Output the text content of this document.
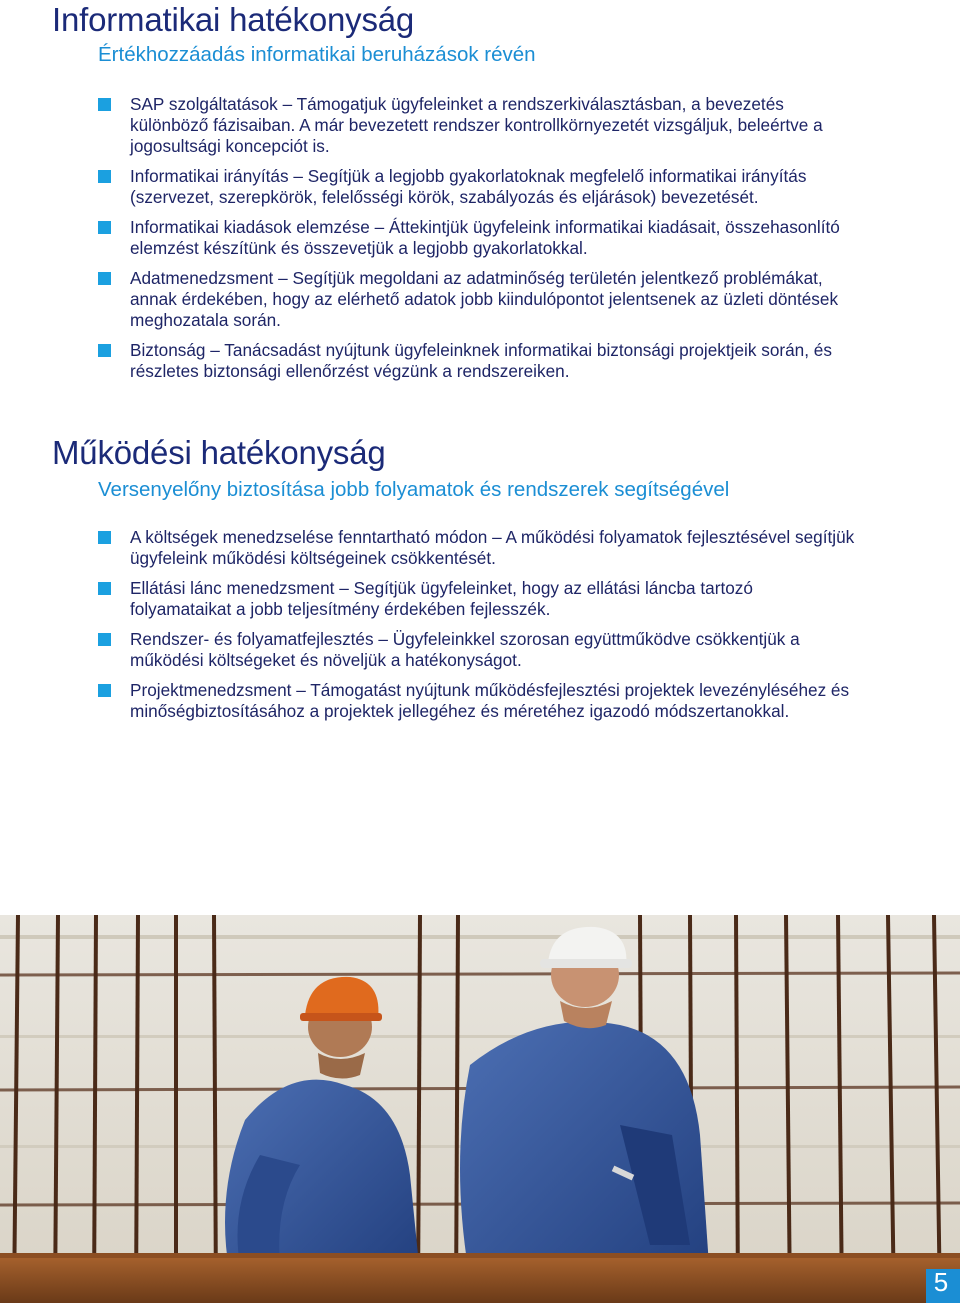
Informatikai hatékonyság
Értékhozzáadás informatikai beruházások révén
SAP szolgáltatások – Támogatjuk ügyfeleinket a rendszerkiválasztásban, a bevezetés különböző fázisaiban. A már bevezetett rendszer kontrollkörnyezetét vizsgáljuk, beleértve a jogosultsági koncepciót is.
Informatikai irányítás – Segítjük a legjobb gyakorlatoknak megfelelő informatikai irányítás (szervezet, szerepkörök, felelősségi körök, szabályozás és eljárások) bevezetését.
Informatikai kiadások elemzése – Áttekintjük ügyfeleink informatikai kiadásait, összehasonlító elemzést készítünk és összevetjük a legjobb gyakorlatokkal.
Adatmenedzsment – Segítjük megoldani az adatminőség területén jelentkező problémákat, annak érdekében, hogy az elérhető adatok jobb kiindulópontot jelentsenek az üzleti döntések meghozatala során.
Biztonság – Tanácsadást nyújtunk ügyfeleinknek informatikai biztonsági projektjeik során, és részletes biztonsági ellenőrzést végzünk a rendszereiken.
Működési hatékonyság
Versenyelőny biztosítása jobb folyamatok és rendszerek segítségével
A költségek menedzselése fenntartható módon – A működési folyamatok fejlesztésével segítjük ügyfeleink működési költségeinek csökkentését.
Ellátási lánc menedzsment – Segítjük ügyfeleinket, hogy az ellátási láncba tartozó folyamataikat a jobb teljesítmény érdekében fejlesszék.
Rendszer- és folyamatfejlesztés – Ügyfeleinkkel szorosan együttműködve csökkentjük a működési költségeket és növeljük a hatékonyságot.
Projektmenedzsment – Támogatást nyújtunk működésfejlesztési projektek levezényléséhez és minőségbiztosításához a projektek jellegéhez és méretéhez igazodó módszertanokkal.
5
